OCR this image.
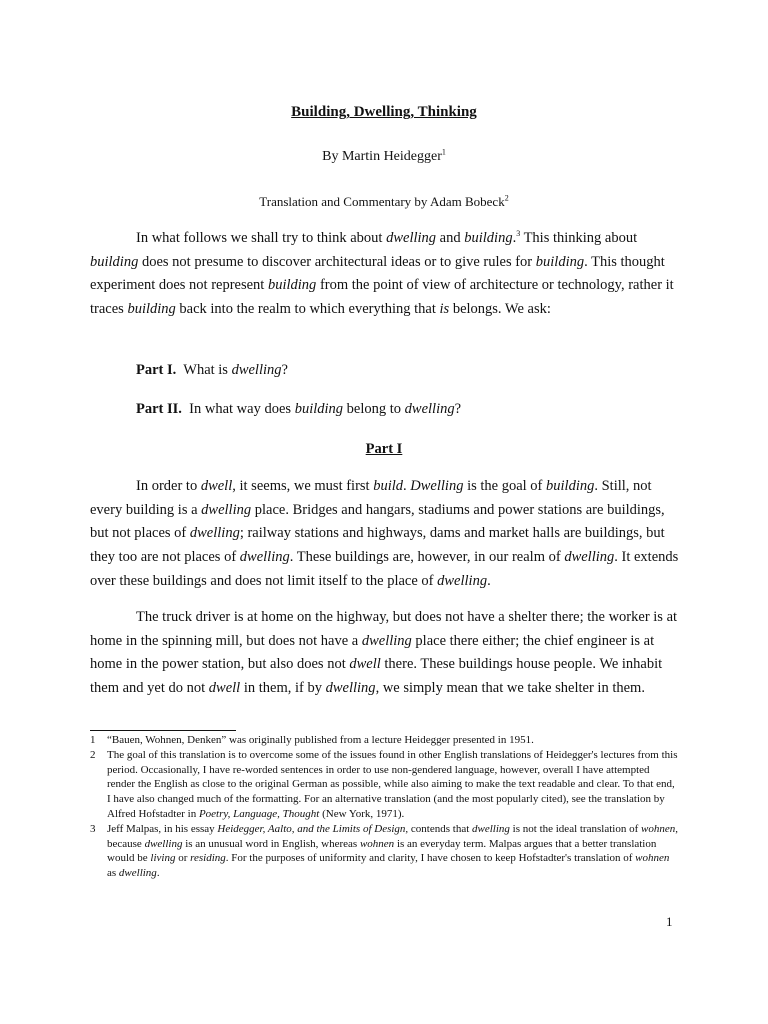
Building, Dwelling, Thinking
By Martin Heidegger$^1$
Translation and Commentary by Adam Bobeck$^2$

In what follows we shall try to think about dwelling and building.$^3$ This thinking about building does not presume to discover architectural ideas or to give rules for building. This thought experiment does not represent building from the point of view of architecture or technology, rather it traces building back into the realm to which everything that is belongs. We ask:

Part I.  What is dwelling?

Part II.  In what way does building belong to dwelling?

Part I

In order to dwell, it seems, we must first build. Dwelling is the goal of building. Still, not every building is a dwelling place. Bridges and hangars, stadiums and power stations are buildings, but not places of dwelling; railway stations and highways, dams and market halls are buildings, but they too are not places of dwelling. These buildings are, however, in our realm of dwelling. It extends over these buildings and does not limit itself to the place of dwelling.

The truck driver is at home on the highway, but does not have a shelter there; the worker is at home in the spinning mill, but does not have a dwelling place there either; the chief engineer is at home in the power station, but also does not dwell there. These buildings house people. We inhabit them and yet do not dwell in them, if by dwelling, we simply mean that we take shelter in them.

1	“Bauen, Wohnen, Denken” was originally published from a lecture Heidegger presented in 1951.
2	The goal of this translation is to overcome some of the issues found in other English translations of Heidegger's lectures from this period. Occasionally, I have re-worded sentences in order to use non-gendered language, however, overall I have attempted render the English as close to the original German as possible, while also aiming to make the text readable and clear. To that end, I have also changed much of the formatting. For an alternative translation (and the most popularly cited), see the translation by Alfred Hofstadter in Poetry, Language, Thought (New York, 1971).
3	Jeff Malpas, in his essay Heidegger, Aalto, and the Limits of Design, contends that dwelling is not the ideal translation of wohnen, because dwelling is an unusual word in English, whereas wohnen is an everyday term. Malpas argues that a better translation would be living or residing. For the purposes of uniformity and clarity, I have chosen to keep Hofstadter's translation of wohnen as dwelling.
1
